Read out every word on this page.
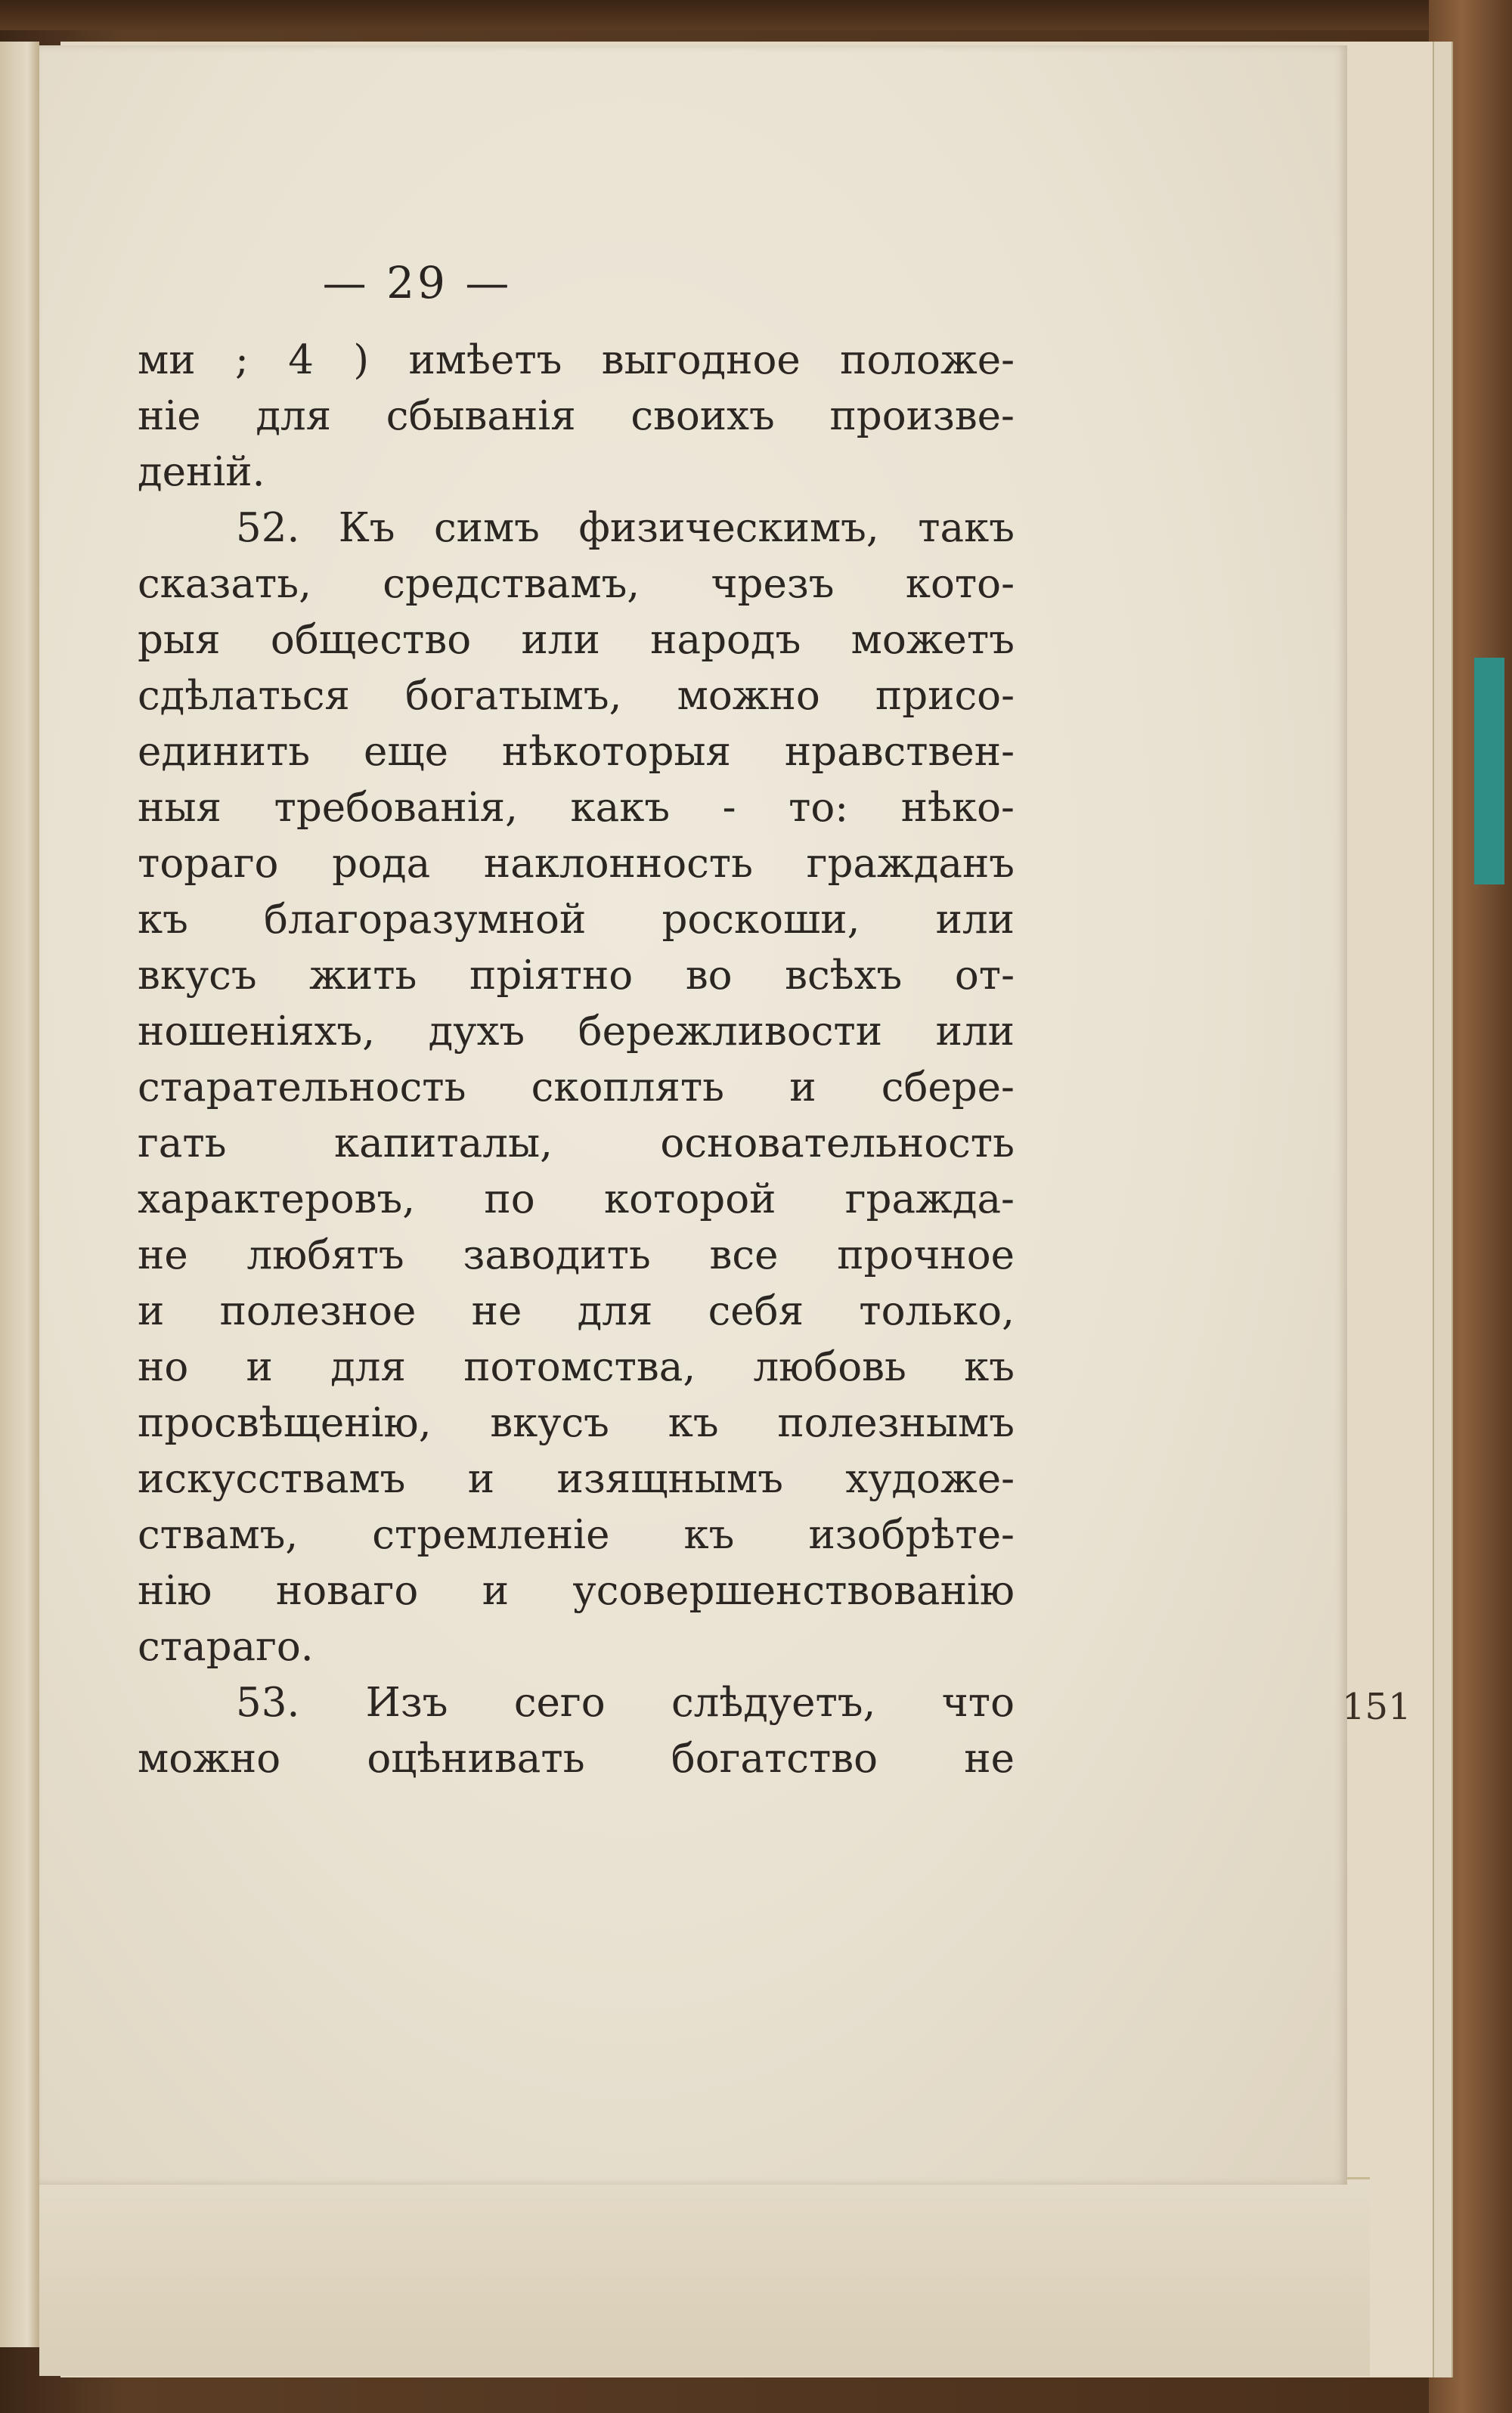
— 29 —
ми ; 4 ) имѣетъ выгодное положе-
ніе для сбыванія своихъ произве-
деній.
52. Къ симъ физическимъ, такъ
сказать, средствамъ, чрезъ кото-
рыя общество или народъ можетъ
сдѣлаться богатымъ, можно присо-
единить еще нѣкоторыя нравствен-
ныя требованія, какъ - то: нѣко-
тораго рода наклонность гражданъ
къ благоразумной роскоши, или
вкусъ жить пріятно во всѣхъ от-
ношеніяхъ, духъ бережливости или
старательность скоплять и сбере-
гать	капиталы,	основательность
характеровъ, по которой гражда-
не любятъ заводить все прочное
и полезное не для себя только,
но и для потомства, любовь къ
просвѣщенію, вкусъ къ полезнымъ
искусствамъ и изящнымъ художе-
ствамъ, стремленіе къ изобрѣте-
нію новаго и усовершенствованію
стараго.
53. Изъ сего слѣдуетъ, что
можно оцѣнивать богатство не
151
